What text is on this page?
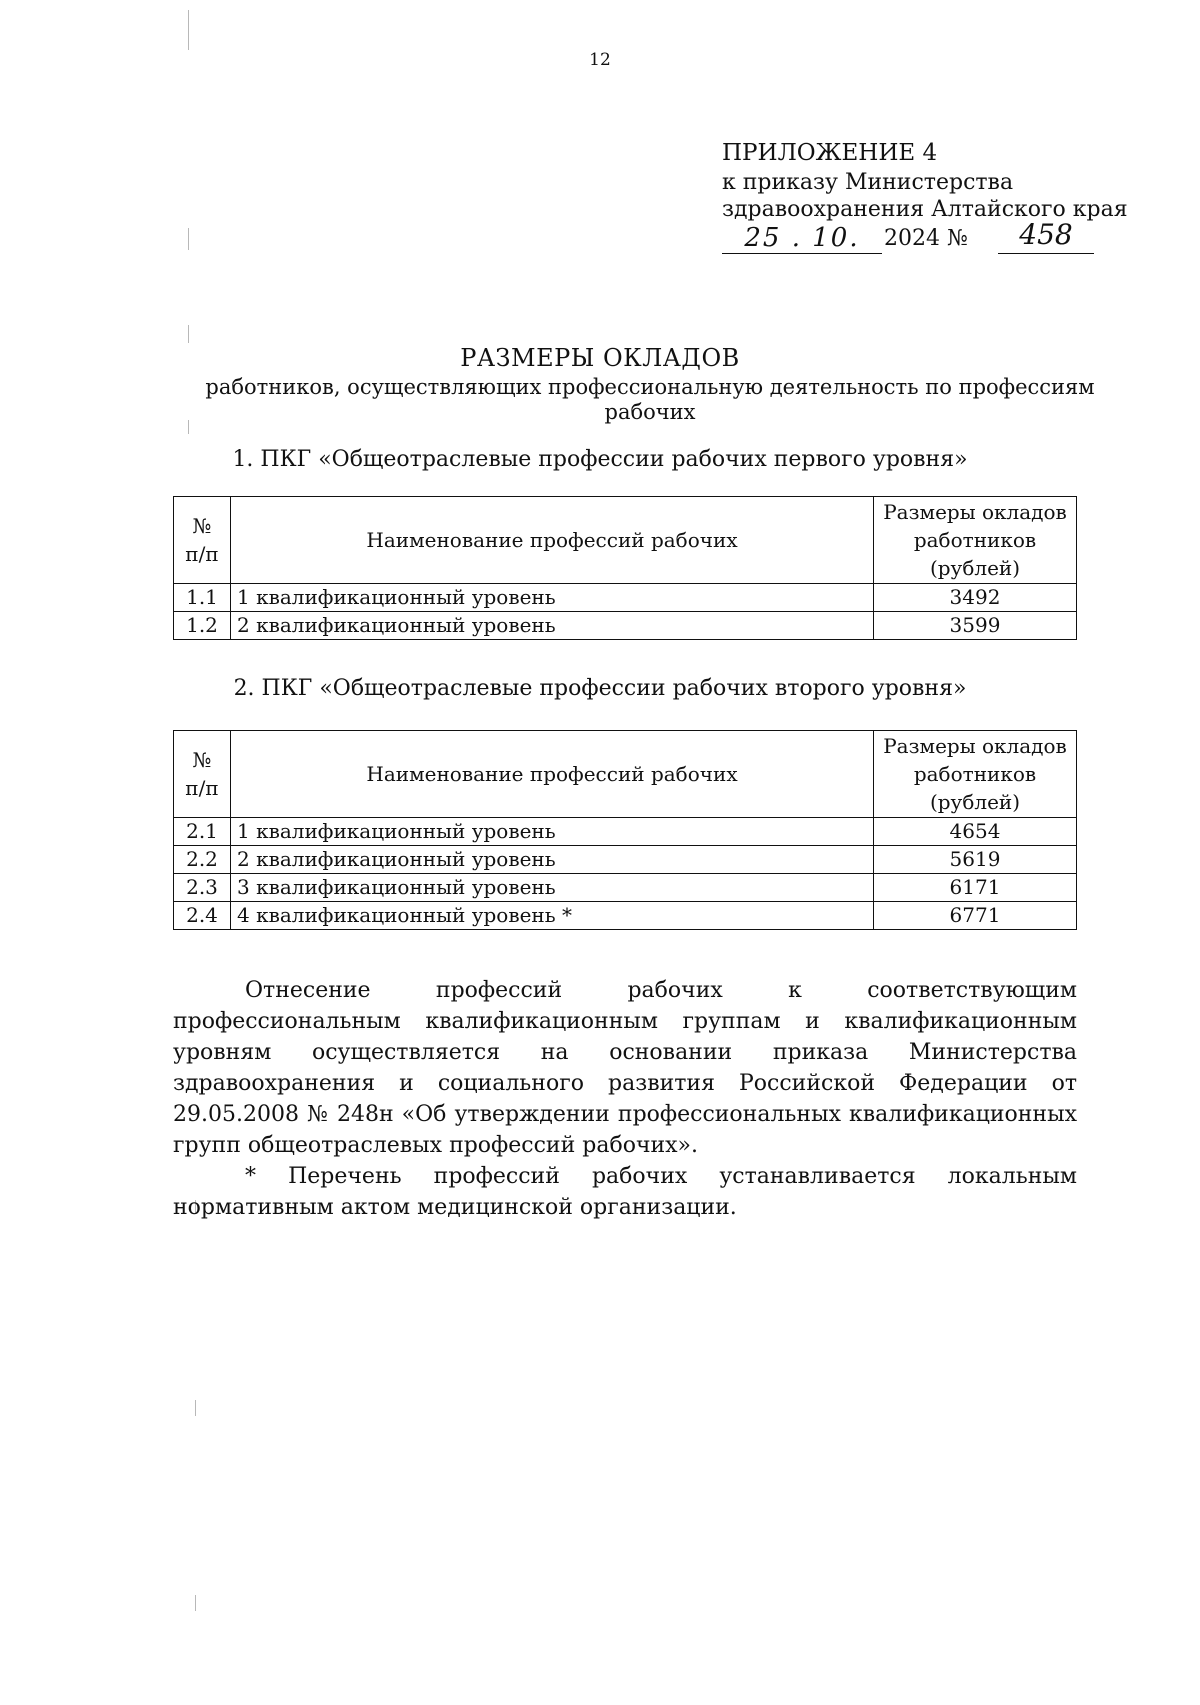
12
ПРИЛОЖЕНИЕ 4
к приказу Министерства
здравоохранения Алтайского края
25 . 10.	2024 №	458
РАЗМЕРЫ ОКЛАДОВ
работников, осуществляющих профессиональную деятельность по профессиям рабочих
1. ПКГ «Общеотраслевые профессии рабочих первого уровня»
№ п/п	Наименование профессий рабочих	Размеры окладов работников (рублей)
1.1	1 квалификационный уровень	3492
1.2	2 квалификационный уровень	3599
2. ПКГ «Общеотраслевые профессии рабочих второго уровня»
№ п/п	Наименование профессий рабочих	Размеры окладов работников (рублей)
2.1	1 квалификационный уровень	4654
2.2	2 квалификационный уровень	5619
2.3	3 квалификационный уровень	6171
2.4	4 квалификационный уровень *	6771

Отнесение профессий рабочих к соответствующим профессиональным квалификационным группам и квалификационным уровням осуществляется на основании приказа Министерства здравоохранения и социального развития Российской Федерации от 29.05.2008 № 248н «Об утверждении профессиональных квалификационных групп общеотраслевых профессий рабочих».

* Перечень профессий рабочих устанавливается локальным нормативным актом медицинской организации.
